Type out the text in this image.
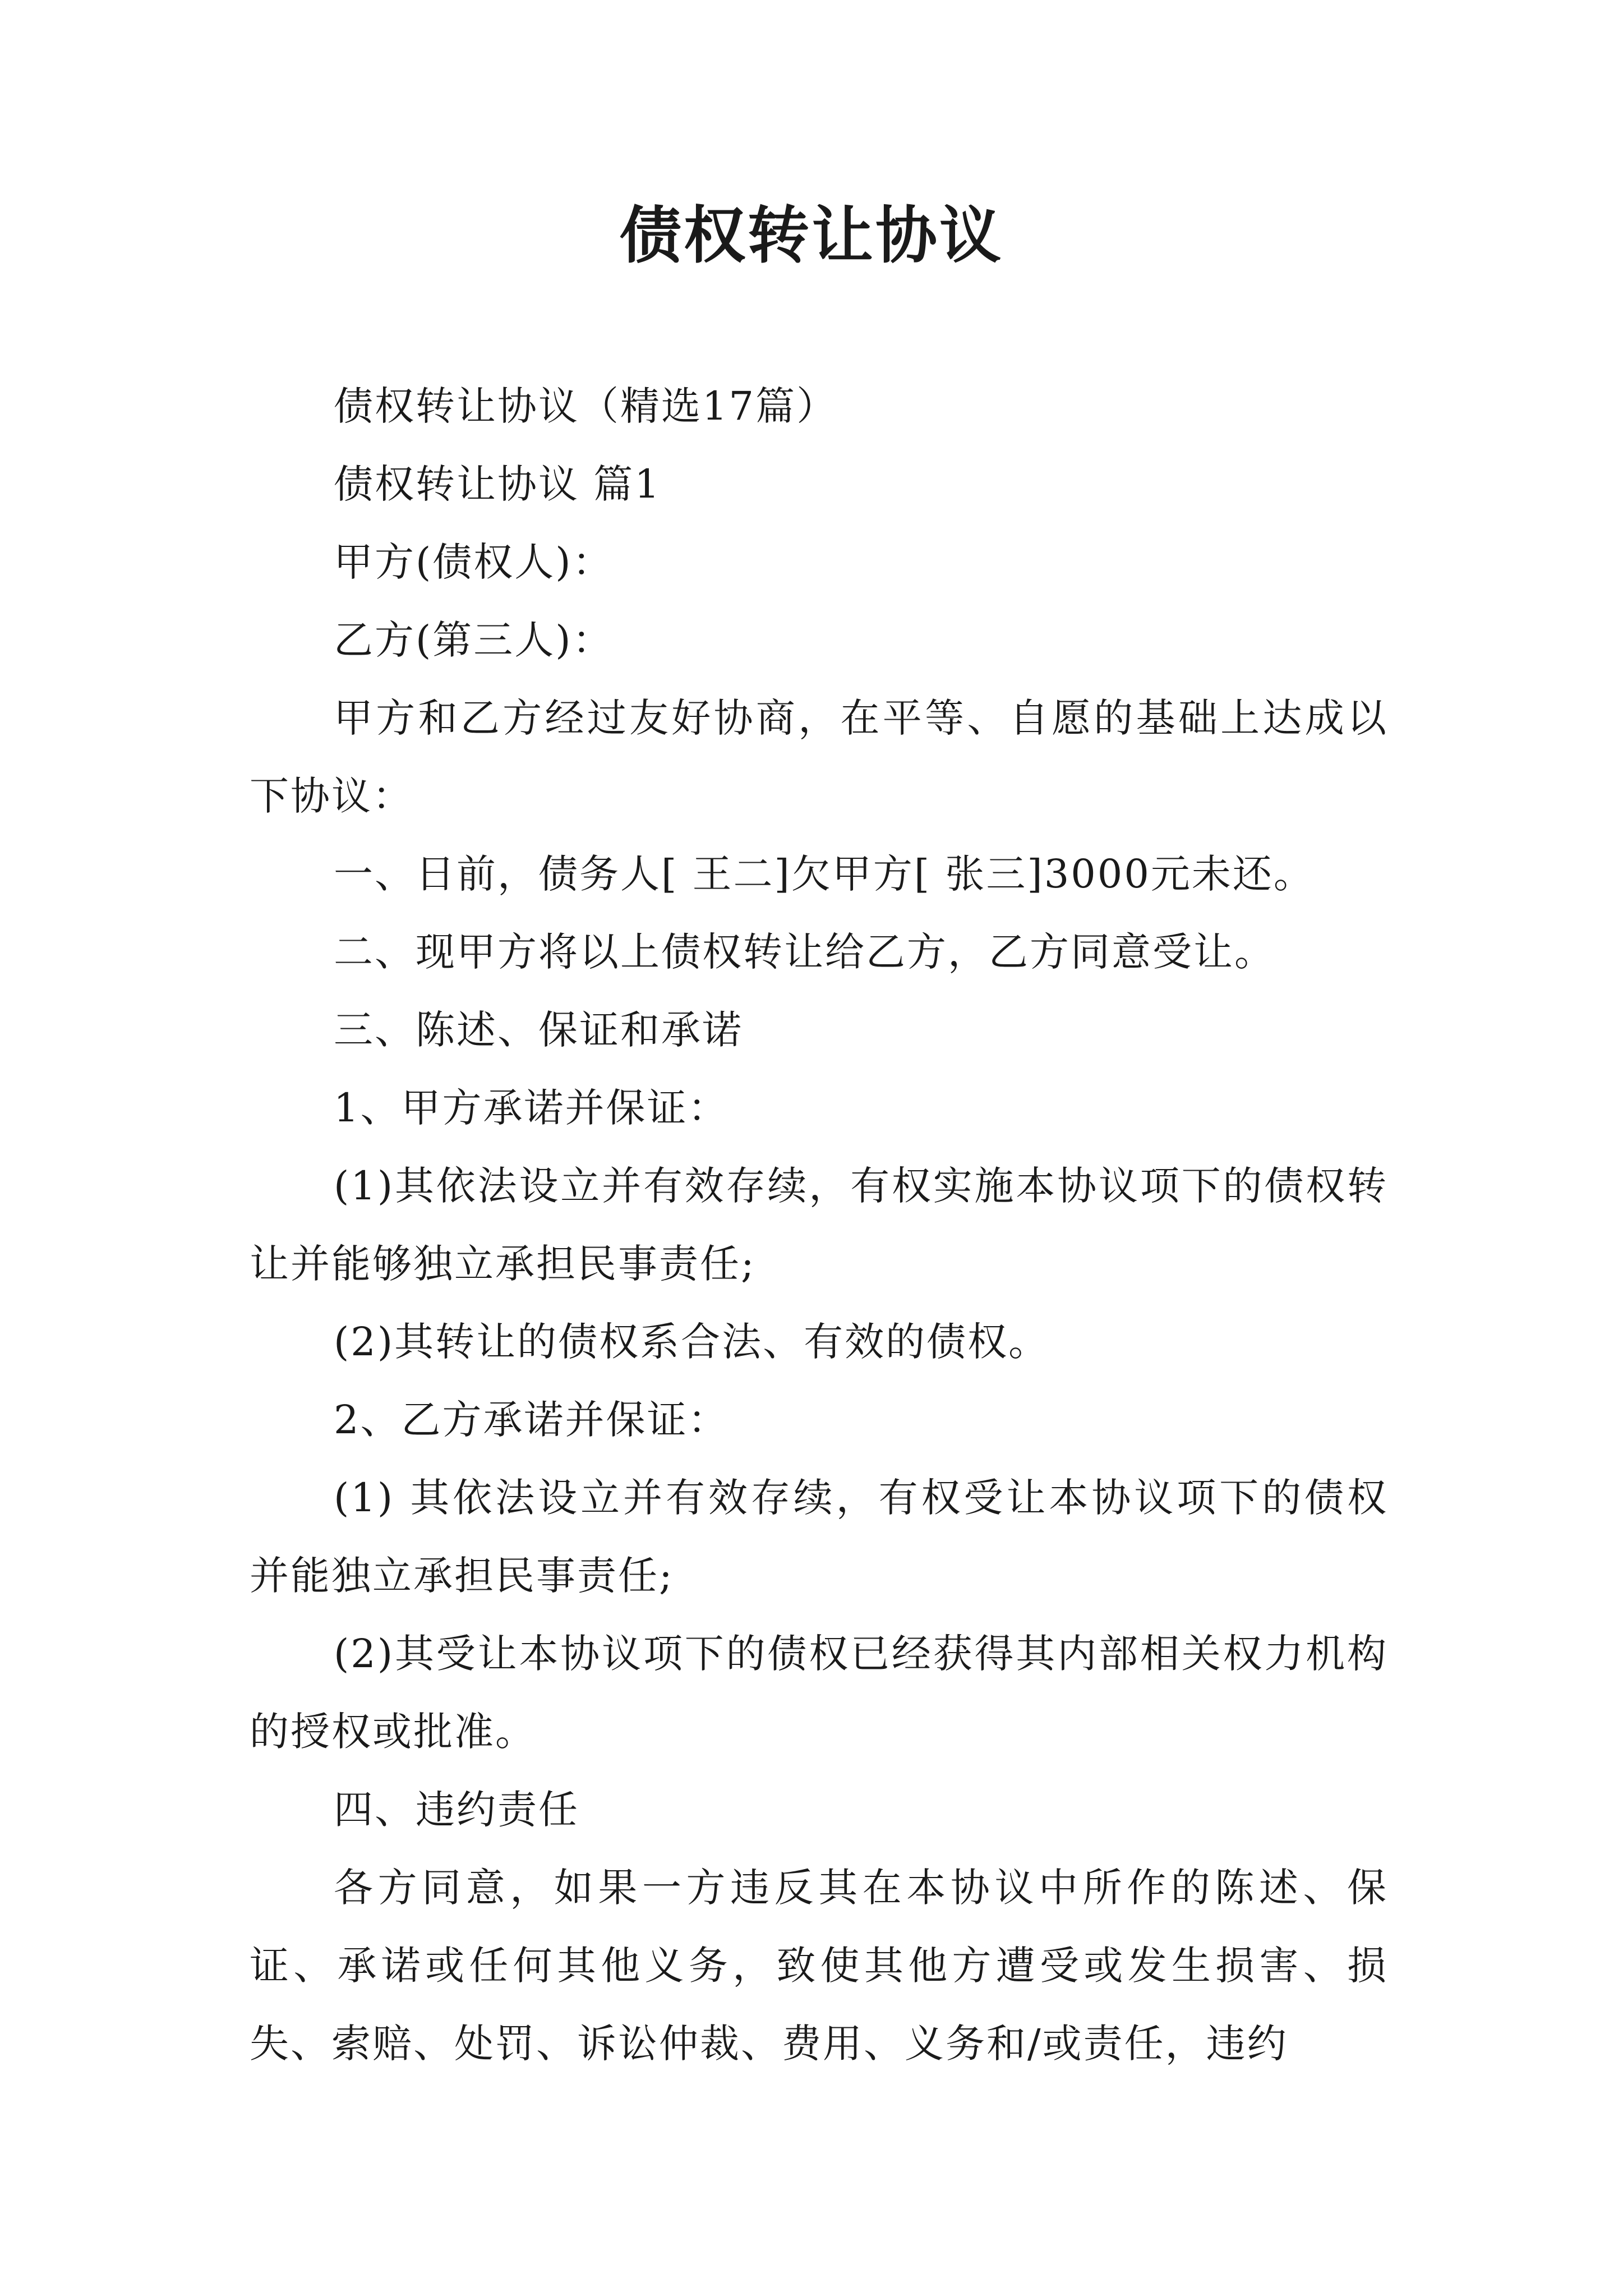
债权转让协议

债权转让协议（精选17篇）

债权转让协议 篇1

甲方(债权人)：

乙方(第三人)：

甲方和乙方经过友好协商，在平等、自愿的基础上达成以下协议：

一、日前，债务人[ 王二]欠甲方[ 张三]3000元未还。

二、现甲方将以上债权转让给乙方，乙方同意受让。

三、陈述、保证和承诺

1、甲方承诺并保证：

(1)其依法设立并有效存续，有权实施本协议项下的债权转让并能够独立承担民事责任;

(2)其转让的债权系合法、有效的债权。

2、乙方承诺并保证：

(1) 其依法设立并有效存续，有权受让本协议项下的债权并能独立承担民事责任;

(2)其受让本协议项下的债权已经获得其内部相关权力机构的授权或批准。

四、违约责任

各方同意，如果一方违反其在本协议中所作的陈述、保证、承诺或任何其他义务，致使其他方遭受或发生损害、损失、索赔、处罚、诉讼仲裁、费用、义务和/或责任，违约
